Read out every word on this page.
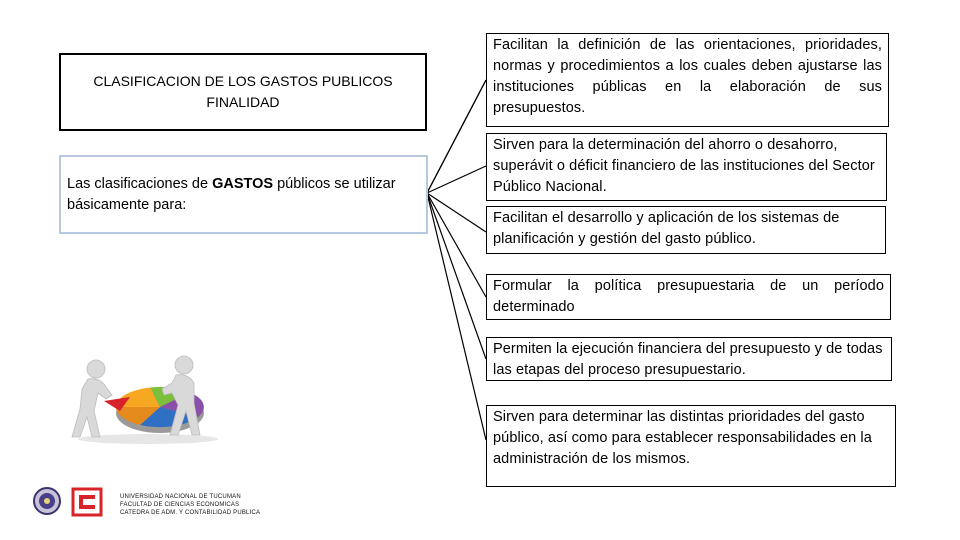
CLASIFICACION DE LOS GASTOS PUBLICOS
FINALIDAD
Las clasificaciones de GASTOS públicos se utilizar básicamente para:
Facilitan la definición de las orientaciones, prioridades, normas y procedimientos a los cuales deben ajustarse las instituciones públicas en la elaboración de sus presupuestos.
Sirven para la determinación del ahorro o desahorro, superávit o déficit financiero de las instituciones del Sector Público Nacional.
Facilitan el desarrollo y aplicación de los sistemas de planificación y gestión del gasto público.
Formular la política presupuestaria de un período determinado
Permiten la ejecución financiera del presupuesto y de todas las etapas del proceso presupuestario.
Sirven para determinar las distintas prioridades del gasto público, así como para establecer responsabilidades en la administración de los mismos.
UNIVERSIDAD NACIONAL DE TUCUMAN
FACULTAD DE CIENCIAS ECONOMICAS
CATEDRA DE ADM. Y CONTABILIDAD PUBLICA
